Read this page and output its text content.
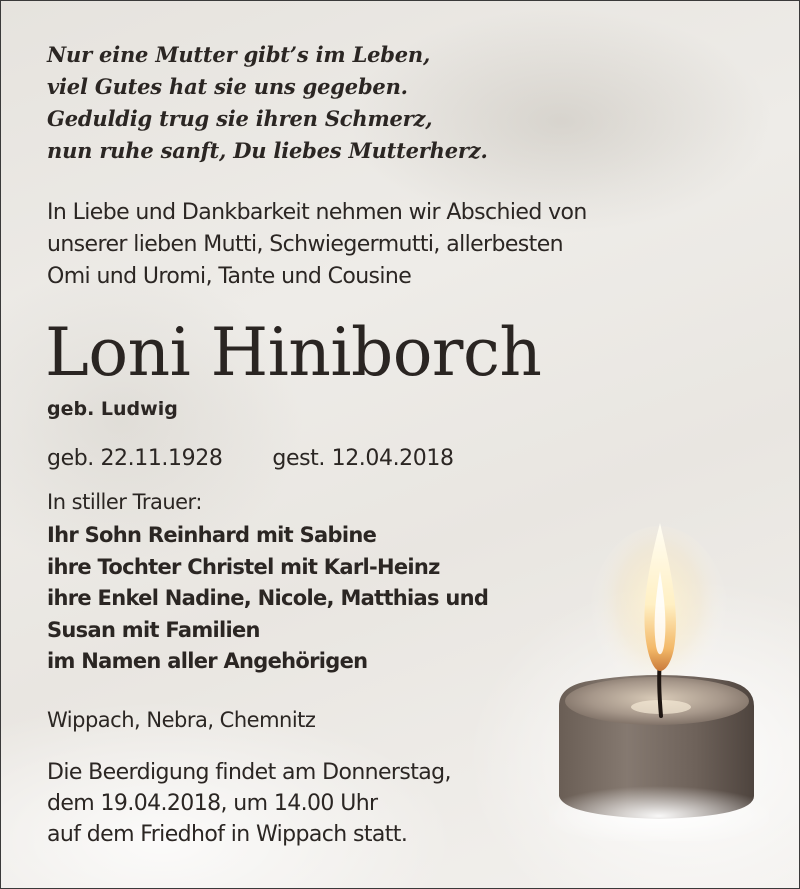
Nur eine Mutter gibt’s im Leben,
viel Gutes hat sie uns gegeben.
Geduldig trug sie ihren Schmerz,
nun ruhe sanft, Du liebes Mutterherz.
In Liebe und Dankbarkeit nehmen wir Abschied von
unserer lieben Mutti, Schwiegermutti, allerbesten
Omi und Uromi, Tante und Cousine
Loni Hiniborch
geb. Ludwig
geb. 22.11.1928 gest. 12.04.2018
In stiller Trauer:
Ihr Sohn Reinhard mit Sabine
ihre Tochter Christel mit Karl-Heinz
ihre Enkel Nadine, Nicole, Matthias und
Susan mit Familien
im Namen aller Angehörigen
Wippach, Nebra, Chemnitz
Die Beerdigung findet am Donnerstag,
dem 19.04.2018, um 14.00 Uhr
auf dem Friedhof in Wippach statt.
